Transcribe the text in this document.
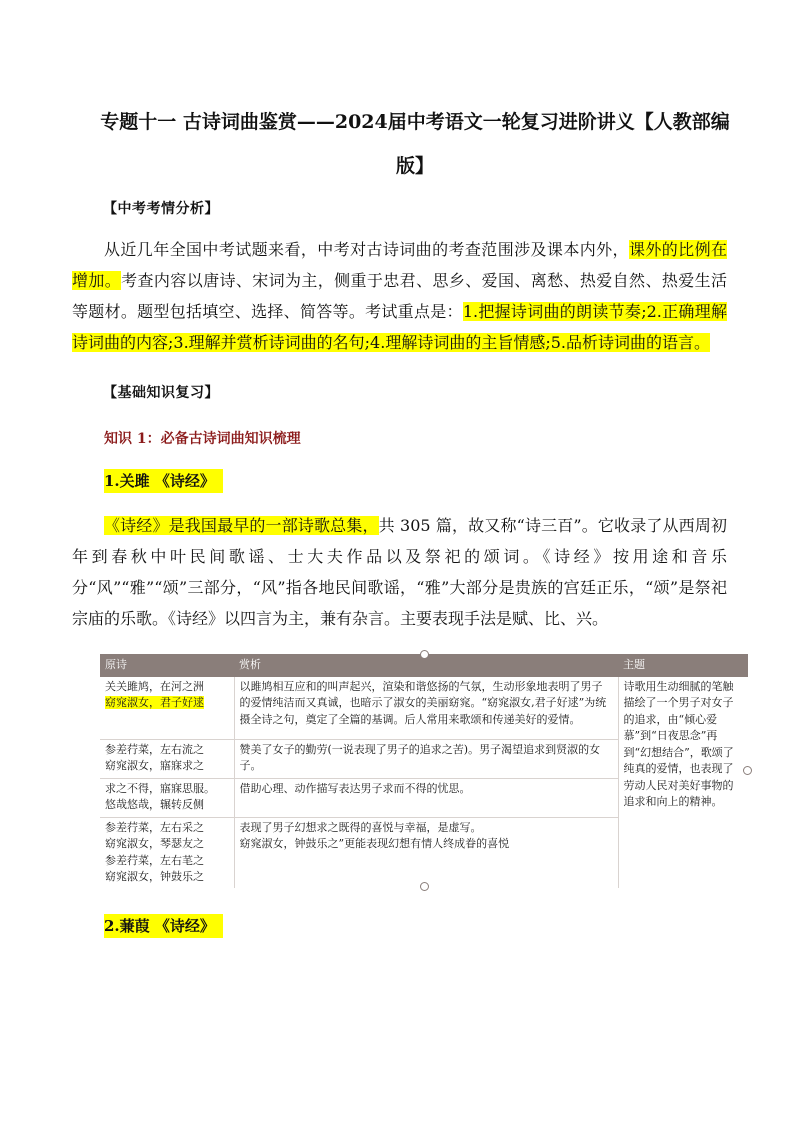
专题十一 古诗词曲鉴赏——2024届中考语文一轮复习进阶讲义【人教部编版】
【中考考情分析】
从近几年全国中考试题来看，中考对古诗词曲的考查范围涉及课本内外，课外的比例在增加。考查内容以唐诗、宋词为主，侧重于忠君、思乡、爱国、离愁、热爱自然、热爱生活等题材。题型包括填空、选择、简答等。考试重点是：1.把握诗词曲的朗读节奏;2.正确理解诗词曲的内容;3.理解并赏析诗词曲的名句;4.理解诗词曲的主旨情感;5.品析诗词曲的语言。
【基础知识复习】
知识 1：必备古诗词曲知识梳理
1.关雎 《诗经》
《诗经》是我国最早的一部诗歌总集，共 305 篇，故又称“诗三百”。它收录了从西周初年到春秋中叶民间歌谣、士大夫作品以及祭祀的颂词。《诗经》按用途和音乐分“风”“雅”“颂”三部分，“风”指各地民间歌谣，“雅”大部分是贵族的宫廷正乐，“颂”是祭祀宗庙的乐歌。《诗经》以四言为主，兼有杂言。主要表现手法是赋、比、兴。
原诗	赏析	主题
关关雎鸠，在河之洲
窈窕淑女，君子好逑	以雎鸠相互应和的叫声起兴，渲染和谐悠扬的气氛，生动形象地表明了男子的爱情纯洁而又真诚，也暗示了淑女的美丽窈窕。“窈窕淑女,君子好逑”为统摄全诗之句，奠定了全篇的基调。后人常用来歌颂和传递美好的爱情。	诗歌用生动细腻的笔触描绘了一个男子对女子的追求，由“倾心爱慕”到“日夜思念”再到“幻想结合”，歌颂了纯真的爱情，也表现了劳动人民对美好事物的追求和向上的精神。
参差荇菜，左右流之
窈窕淑女，寤寐求之	赞美了女子的勤劳(一说表现了男子的追求之苦)。男子渴望追求到贤淑的女子。	
求之不得，寤寐思服。
悠哉悠哉，辗转反侧	借助心理、动作描写表达男子求而不得的忧思。	
参差荇菜，左右采之
窈窕淑女，琴瑟友之
参差荇菜，左右芼之
窈窕淑女，钟鼓乐之	表现了男子幻想求之既得的喜悦与幸福，是虚写。
窈窕淑女，钟鼓乐之”更能表现幻想有情人终成眷的喜悦	
2.蒹葭 《诗经》
